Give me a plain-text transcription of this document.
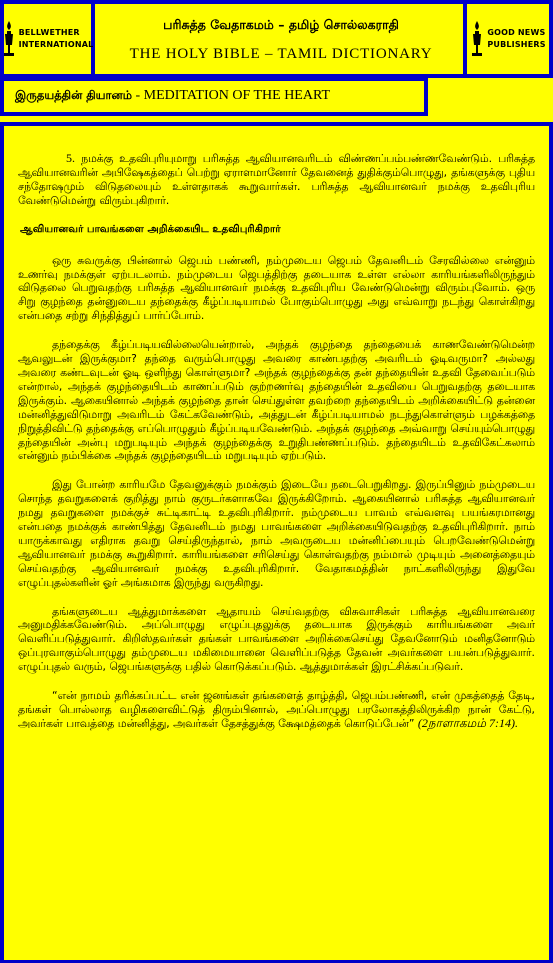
BELLWETHER
INTERNATIONAL
பரிசுத்த வேதாகமம் – தமிழ் சொல்லகராதி
THE HOLY BIBLE – TAMIL DICTIONARY
GOOD NEWS
PUBLISHERS
இருதயத்தின் தியானம் - MEDITATION OF THE HEART

5. நமக்கு உதவிபுரியுமாறு பரிசுத்த ஆவியானவரிடம் விண்ணப்பம்பண்ணவேண்டும். பரிசுத்த ஆவியானவரின் அபிஷேகத்தைப் பெற்று ஏராளமானோர் தேவனைத் துதிக்கும்பொழுது, தங்களுக்கு புதிய சந்தோஷமும் விடுதலையும் உள்ளதாகக் கூறுவார்கள். பரிசுத்த ஆவியானவர் நமக்கு உதவிபுரிய வேண்டுமென்று விரும்புகிறார்.

ஆவியானவர் பாவங்களை அறிக்கையிட உதவிபுரிகிறார்

ஒரு சுவருக்கு பின்னால் ஜெபம் பண்ணி, நம்முடைய ஜெபம் தேவனிடம் சேரவில்லை என்னும் உணர்வு நமக்குள் ஏற்படலாம். நம்முடைய ஜெபத்திற்கு தடையாக உள்ள எல்லா காரியங்களிலிருந்தும் விடுதலை பெறுவதற்கு பரிசுத்த ஆவியானவர் நமக்கு உதவிபுரிய வேண்டுமென்று விரும்புவோம். ஒரு சிறு குழந்தை தன்னுடைய தந்தைக்கு கீழ்ப்படியாமல் போகும்பொழுது அது எவ்வாறு நடந்து கொள்கிறது என்பதை சற்று சிந்தித்துப் பார்ப்போம்.

தந்தைக்கு கீழ்ப்படியவில்லையென்றால், அந்தக் குழந்தை தந்தையைக் காணவேண்டுமென்ற ஆவலுடன் இருக்குமா? தந்தை வரும்பொழுது அவரை காண்பதற்கு அவரிடம் ஓடிவருமா? அல்லது அவரை கண்டவுடன் ஓடி ஒளிந்து கொள்ளுமா? அந்தக் குழந்தைக்கு தன் தந்தையின் உதவி தேவைப்படும் என்றால், அந்தக் குழந்தையிடம் காணப்படும் குற்றணர்வு தந்தையின் உதவியை பெறுவதற்கு தடையாக இருக்கும். ஆகையினால் அந்தக் குழந்தை தான் செய்துள்ள தவற்றை தந்தையிடம் அறிக்கையிட்டு தன்னை மன்னித்துவிடுமாறு அவரிடம் கேட்கவேண்டும், அத்துடன் கீழ்ப்படியாமல் நடந்துகொள்ளும் பழக்கத்தை நிறுத்திவிட்டு தந்தைக்கு எப்பொழுதும் கீழ்ப்படியவேண்டும். அந்தக் குழந்தை அவ்வாறு செய்யும்பொழுது தந்தையின் அன்பு மறுபடியும் அந்தக் குழந்தைக்கு உறுதிபண்ணப்படும். தந்தையிடம் உதவிகேட்கலாம் என்னும் நம்பிக்கை அந்தக் குழந்தையிடம் மறுபடியும் ஏற்படும்.

இது போன்ற காரியமே தேவனுக்கும் நமக்கும் இடையே நடைபெறுகிறது. இருப்பினும் நம்முடைய சொந்த தவறுகளைக் குறித்து நாம் குருடர்களாகவே இருக்கிறோம். ஆகையினால் பரிசுத்த ஆவியானவர் நமது தவறுகளை நமக்குச் சுட்டிகாட்டி உதவிபுரிகிறார். நம்முடைய பாவம் எவ்வளவு பயங்கரமானது என்பதை நமக்குக் காண்பித்து தேவனிடம் நமது பாவங்களை அறிக்கையிடுவதற்கு உதவிபுரிகிறார். நாம் யாருக்காவது எதிராக தவறு செய்திருந்தால், நாம் அவருடைய மன்னிப்பையும் பெறவேண்டுமென்று ஆவியானவர் நமக்கு கூறுகிறார். காரியங்களை சரிசெய்து கொள்வதற்கு நம்மால் முடியும் அனைத்தையும் செய்வதற்கு ஆவியானவர் நமக்கு உதவிபுரிகிறார். வேதாகமத்தின் நாட்களிலிருந்து இதுவே எழுப்புதல்களின் ஓர் அங்கமாக இருந்து வருகிறது.

தங்களுடைய ஆத்துமாக்களை ஆதாயம் செய்வதற்கு விசுவாசிகள் பரிசுத்த ஆவியானவரை அனுமதிக்கவேண்டும். அப்பொழுது எழுப்புதலுக்கு தடையாக இருக்கும் காரியங்களை அவர் வெளிப்படுத்துவார். கிறிஸ்தவர்கள் தங்கள் பாவங்களை அறிக்கைசெய்து தேவனோடும் மனிதனோடும் ஒப்புரவாகும்பொழுது தம்முடைய மகிமையானை வெளிப்படுத்த தேவன் அவர்களை பயன்படுத்துவார். எழுப்புதல் வரும், ஜெபங்களுக்கு பதில் கொடுக்கப்படும். ஆத்துமாக்கள் இரட்சிக்கப்படுவர்.

“என் நாமம் தரிக்கப்பட்ட என் ஜனங்கள் தங்களைத் தாழ்த்தி, ஜெபம்பண்ணி, என் முகத்தைத் தேடி, தங்கள் பொல்லாத வழிகளைவிட்டுத் திரும்பினால், அப்பொழுது பரலோகத்திலிருக்கிற நான் கேட்டு, அவர்கள் பாவத்தை மன்னித்து, அவர்கள் தேசத்துக்கு க்ஷேமத்தைக் கொடுப்பேன்” (2நாளாகமம் 7:14).
